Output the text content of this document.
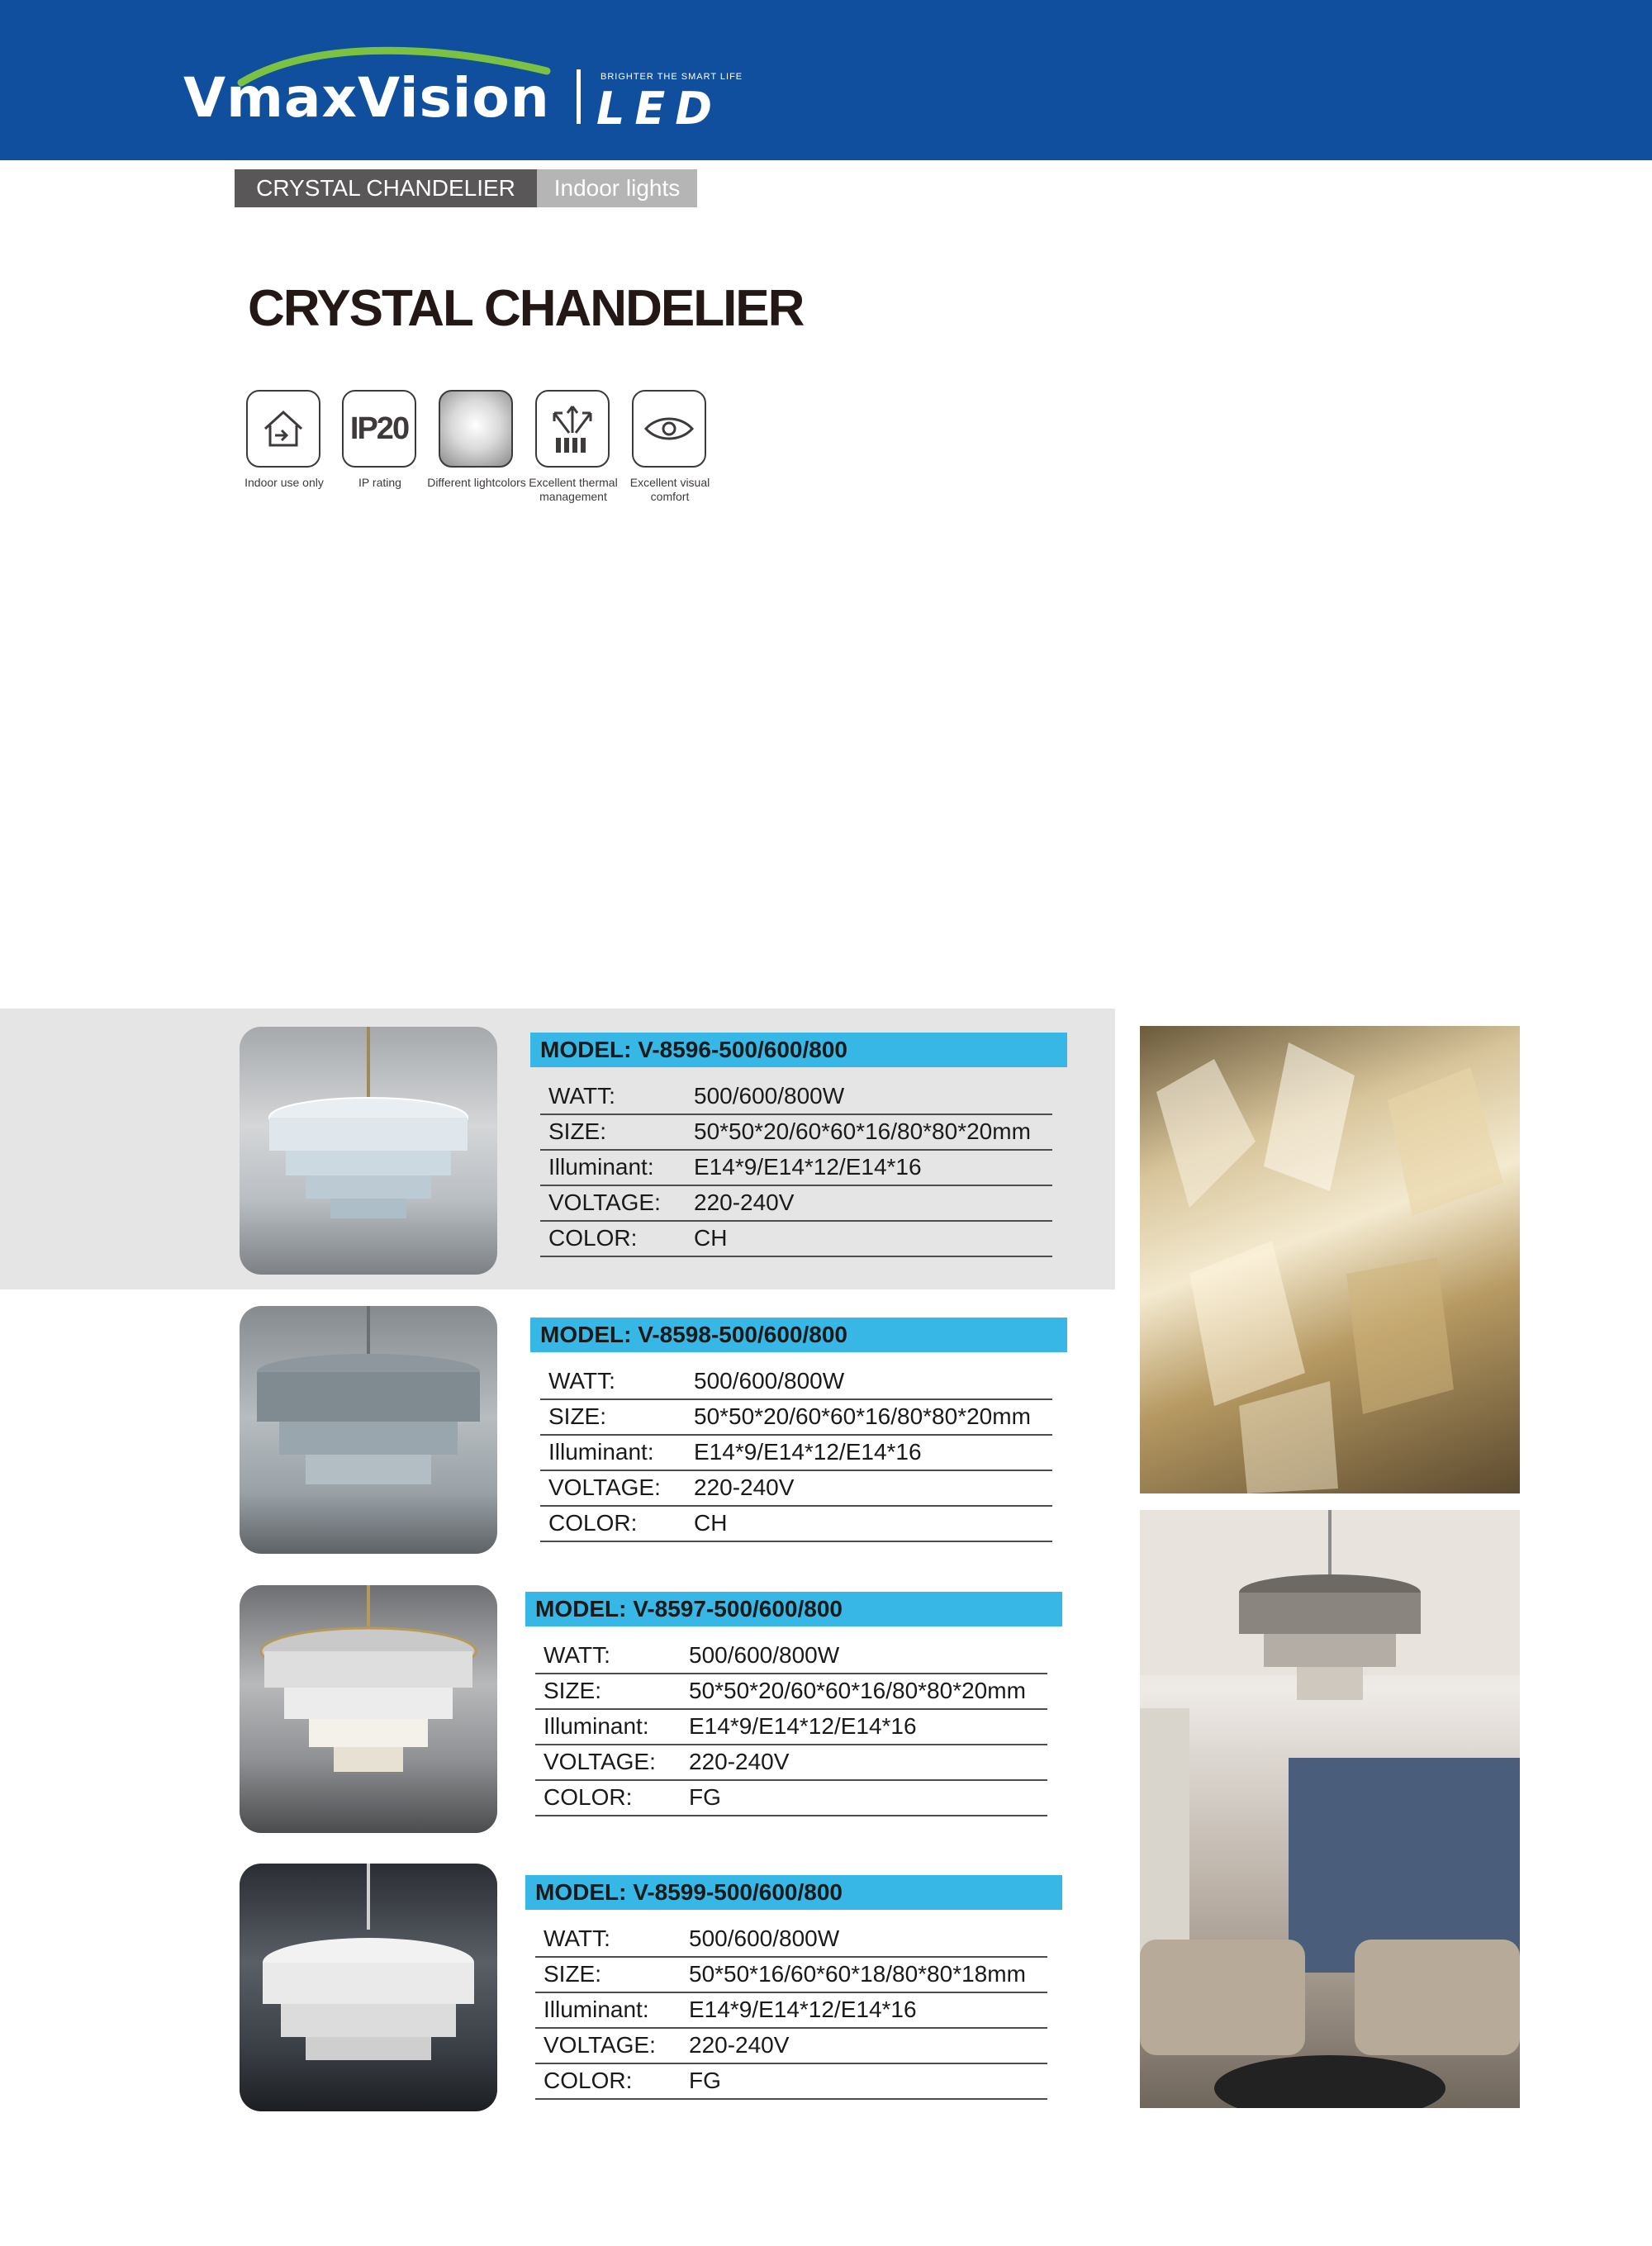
VmaxVision	BRIGHTER THE SMART LIFE
LED
CRYSTAL CHANDELIER	Indoor lights
CRYSTAL CHANDELIER
Indoor use only
IP20
IP rating	Different lightcolors Excellent thermal management
Excellent visual comfort
MODEL: V-8596-500/600/800
WATT:	500/600/800W
SIZE:	50*50*20/60*60*16/80*80*20mm
Illuminant: E14*9/E14*12/E14*16
VOLTAGE: 220-240V
COLOR: CH
MODEL: V-8598-500/600/800
WATT:	500/600/800W
SIZE:	50*50*20/60*60*16/80*80*20mm
Illuminant: E14*9/E14*12/E14*16
VOLTAGE: 220-240V
COLOR: CH
MODEL: V-8597-500/600/800
WATT:	500/600/800W
SIZE:	50*50*20/60*60*16/80*80*20mm
Illuminant: E14*9/E14*12/E14*16
VOLTAGE: 220-240V
COLOR: FG
MODEL: V-8599-500/600/800
WATT:	500/600/800W
SIZE:	50*50*16/60*60*18/80*80*18mm
Illuminant: E14*9/E14*12/E14*16
VOLTAGE: 220-240V
COLOR: FG
